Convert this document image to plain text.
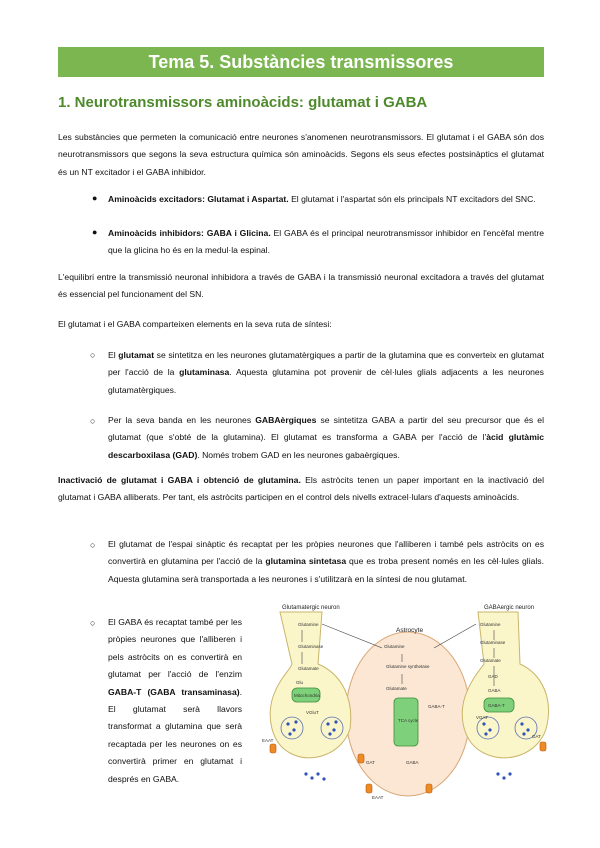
Tema 5. Substàncies transmissores
1. Neurotransmissors aminoàcids: glutamat i GABA
Les substàncies que permeten la comunicació entre neurones s'anomenen neurotransmissors. El glutamat i el GABA són dos neurotransmissors que segons la seva estructura química són aminoàcids. Segons els seus efectes postsinàptics el glutamat és un NT excitador i el GABA inhibidor.
● Aminoàcids excitadors: Glutamat i Aspartat. El glutamat i l'aspartat són els principals NT excitadors del SNC.
● Aminoàcids inhibidors: GABA i Glicina. El GABA és el principal neurotransmissor inhibidor en l'encèfal mentre que la glicina ho és en la medul·la espinal.
L'equilibri entre la transmissió neuronal inhibidora a través de GABA i la transmissió neuronal excitadora a través del glutamat és essencial pel funcionament del SN.
El glutamat i el GABA comparteixen elements en la seva ruta de síntesi:
○ El glutamat se sintetitza en les neurones glutamatèrgiques a partir de la glutamina que es converteix en glutamat per l'acció de la glutaminasa. Aquesta glutamina pot provenir de cèl·lules glials adjacents a les neurones glutamatèrgiques.
○ Per la seva banda en les neurones GABAèrgiques se sintetitza GABA a partir del seu precursor que és el glutamat (que s'obté de la glutamina). El glutamat es transforma a GABA per l'acció de l'àcid glutàmic descarboxilasa (GAD). Només trobem GAD en les neurones gabaèrgiques.
Inactivació de glutamat i GABA i obtenció de glutamina. Els astròcits tenen un paper important en la inactivació del glutamat i GABA alliberats. Per tant, els astròcits participen en el control dels nivells extracel·lulars d'aquests aminoàcids.
○ El glutamat de l'espai sinàptic és recaptat per les pròpies neurones que l'alliberen i també pels astròcits on es convertirà en glutamina per l'acció de la glutamina sintetasa que es troba present només en les cèl·lules glials. Aquesta glutamina serà transportada a les neurones i s'utilitzarà en la síntesi de nou glutamat.
○ El GABA és recaptat també per les pròpies neurones que l'alliberen i pels astròcits on es convertirà en glutamat per l'acció de l'enzim GABA-T (GABA transaminasa). El glutamat serà llavors transformat a glutamina que serà recaptada per les neurones on es convertirà primer en glutamat i després en GABA.
Astrocyte
Glutamatergic neuron	GABAergic neuron
Glutamine
Glutaminase
Glutamate
Glu
Mitochondria
VGluT
Glutamine
Glutamine synthetase
Glutamate
TCA cycle
GABA-T
Glutamine
Glutaminase
Glutamate
GAD
GABA
GABA-T
VGAT
EAAT
GAT	GABA
EAAT
GAT
